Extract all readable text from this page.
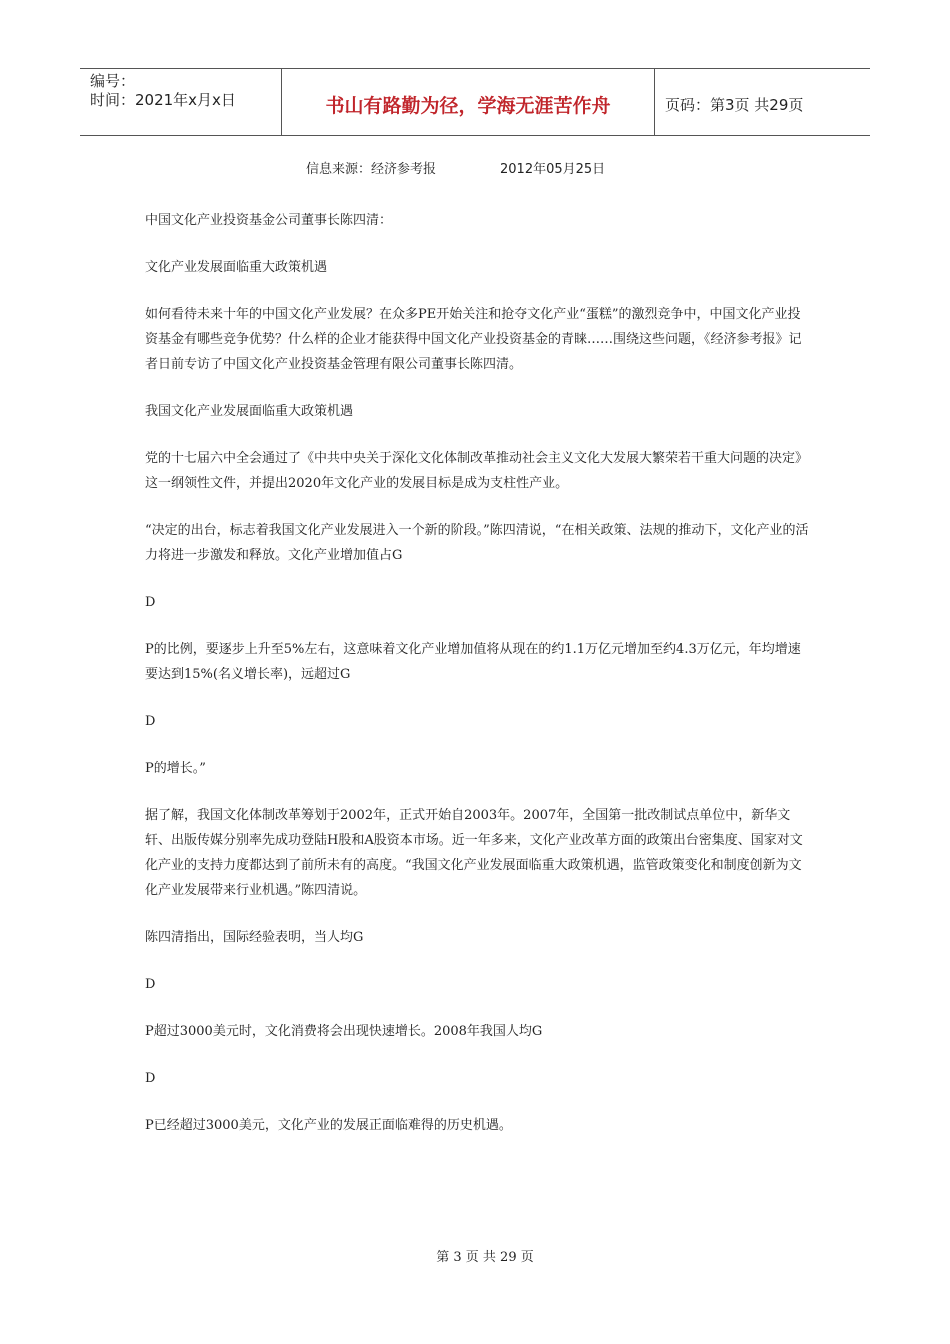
编号：
时间：2021年x月x日	书山有路勤为径，学海无涯苦作舟	页码：第3页 共29页
信息来源：经济参考报	2012年05月25日

中国文化产业投资基金公司董事长陈四清：

文化产业发展面临重大政策机遇

如何看待未来十年的中国文化产业发展？在众多PE开始关注和抢夺文化产业“蛋糕”的激烈竞争中，中国文化产业投资基金有哪些竞争优势？什么样的企业才能获得中国文化产业投资基金的青睐……围绕这些问题，《经济参考报》记者日前专访了中国文化产业投资基金管理有限公司董事长陈四清。

我国文化产业发展面临重大政策机遇

党的十七届六中全会通过了《中共中央关于深化文化体制改革推动社会主义文化大发展大繁荣若干重大问题的决定》这一纲领性文件，并提出2020年文化产业的发展目标是成为支柱性产业。

“决定的出台，标志着我国文化产业发展进入一个新的阶段。”陈四清说，“在相关政策、法规的推动下，文化产业的活力将进一步激发和释放。文化产业增加值占G

D

P的比例，要逐步上升至5%左右，这意味着文化产业增加值将从现在的约1.1万亿元增加至约4.3万亿元，年均增速要达到15%(名义增长率)，远超过G

D

P的增长。”

据了解，我国文化体制改革筹划于2002年，正式开始自2003年。2007年，全国第一批改制试点单位中，新华文轩、出版传媒分别率先成功登陆H股和A股资本市场。近一年多来，文化产业改革方面的政策出台密集度、国家对文化产业的支持力度都达到了前所未有的高度。“我国文化产业发展面临重大政策机遇，监管政策变化和制度创新为文化产业发展带来行业机遇。”陈四清说。

陈四清指出，国际经验表明，当人均G

D

P超过3000美元时，文化消费将会出现快速增长。2008年我国人均G

D

P已经超过3000美元，文化产业的发展正面临难得的历史机遇。

第 3 页 共 29 页
